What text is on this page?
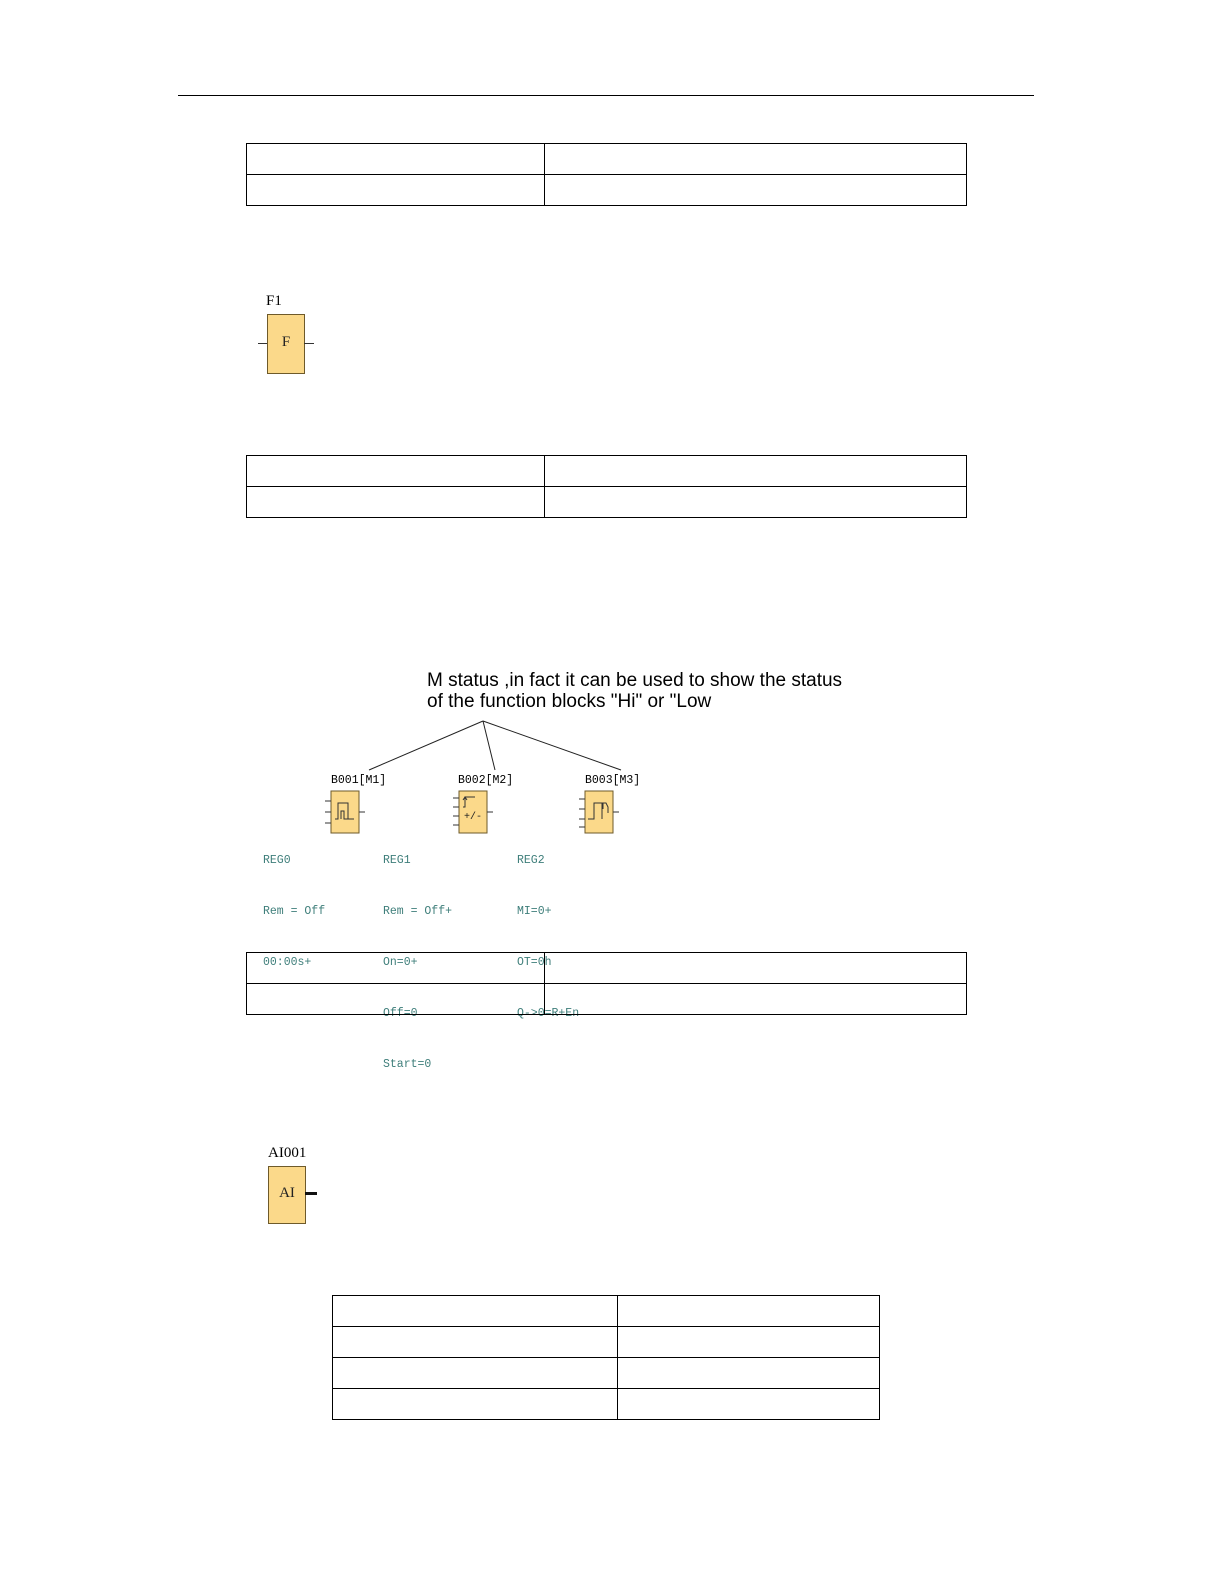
F1
F

M status ,in fact it can be used to show the status
of the function blocks "Hi" or "Low
B001[M1]

REG0

Rem = Off

00:00s+

B002[M2]
+/-

REG1

Rem = Off+

On=0+

Off=0

Start=0

B003[M3]

REG2

MI=0+

OT=0h

Q->0=R+En

AI001
AI
